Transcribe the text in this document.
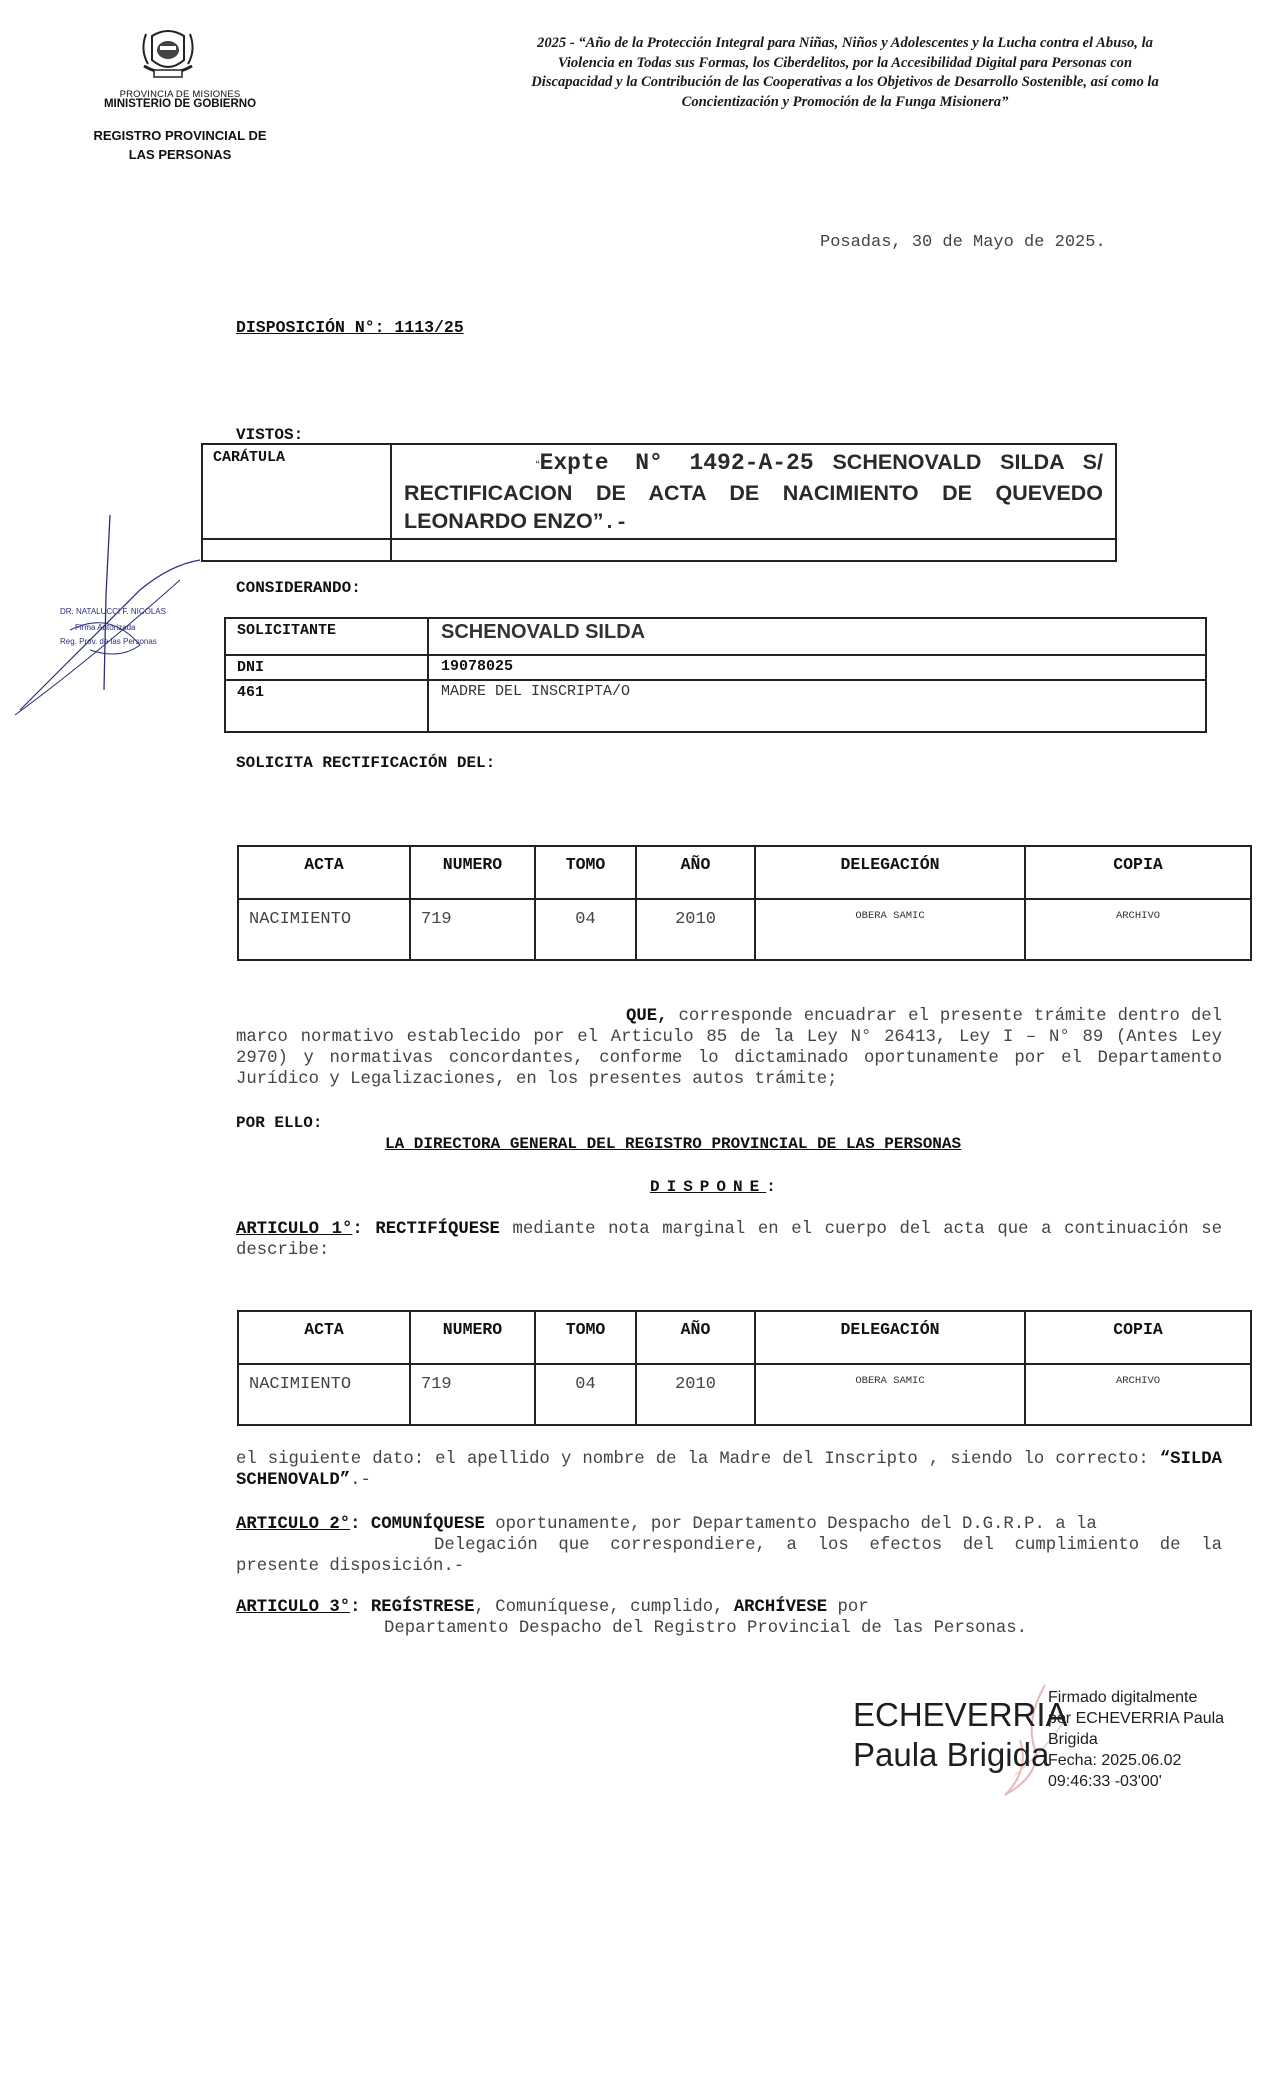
PROVINCIA DE MISIONES
MINISTERIO DE GOBIERNO
REGISTRO PROVINCIAL DE
LAS PERSONAS
2025 - “Año de la Protección Integral para Niñas, Niños y Adolescentes y la Lucha contra el Abuso, la Violencia en Todas sus Formas, los Ciberdelitos, por la Accesibilidad Digital para Personas con Discapacidad y la Contribución de las Cooperativas a los Objetivos de Desarrollo Sostenible, así como la Concientización y Promoción de la Funga Misionera”
Posadas, 30 de Mayo de 2025.
DISPOSICIÓN N°: 1113/25
VISTOS:
CARÁTULA	“Expte N° 1492-A-25 SCHENOVALD SILDA S/ RECTIFICACION DE ACTA DE NACIMIENTO DE QUEVEDO LEONARDO ENZO”.-

DR. NATALUCCI F. NICOLAS
Firma Autorizada
Reg. Prov. de las Personas
CONSIDERANDO:
SOLICITANTE	SCHENOVALD SILDA
DNI	19078025
461	MADRE DEL INSCRIPTA/O
SOLICITA RECTIFICACIÓN DEL:
ACTA	NUMERO	TOMO	AÑO	DELEGACIÓN	COPIA
NACIMIENTO	719	04	2010	OBERA SAMIC	ARCHIVO
QUE, corresponde encuadrar el presente trámite dentro del marco normativo establecido por el Articulo 85 de la Ley N° 26413, Ley I – N° 89 (Antes Ley 2970) y normativas concordantes, conforme lo dictaminado oportunamente por el Departamento Jurídico y Legalizaciones, en los presentes autos trámite;
POR ELLO:
LA DIRECTORA GENERAL DEL REGISTRO PROVINCIAL DE LAS PERSONAS
DISPONE:
ARTICULO 1°: RECTIFÍQUESE mediante nota marginal en el cuerpo del acta que a continuación se describe:
ACTA	NUMERO	TOMO	AÑO	DELEGACIÓN	COPIA
NACIMIENTO	719	04	2010	OBERA SAMIC	ARCHIVO
el siguiente dato: el apellido y nombre de la Madre del Inscripto , siendo lo correcto: “SILDA SCHENOVALD”.-
ARTICULO 2°: COMUNÍQUESE oportunamente, por Departamento Despacho del D.G.R.P. a la
Delegación que correspondiere, a los efectos del cumplimiento de la presente disposición.-
ARTICULO 3°: REGÍSTRESE, Comuníquese, cumplido, ARCHÍVESE por
Departamento Despacho del Registro Provincial de las Personas.
ECHEVERRIA
Paula Brigida
Firmado digitalmente
por ECHEVERRIA Paula
Brigida
Fecha: 2025.06.02
09:46:33 -03'00'
